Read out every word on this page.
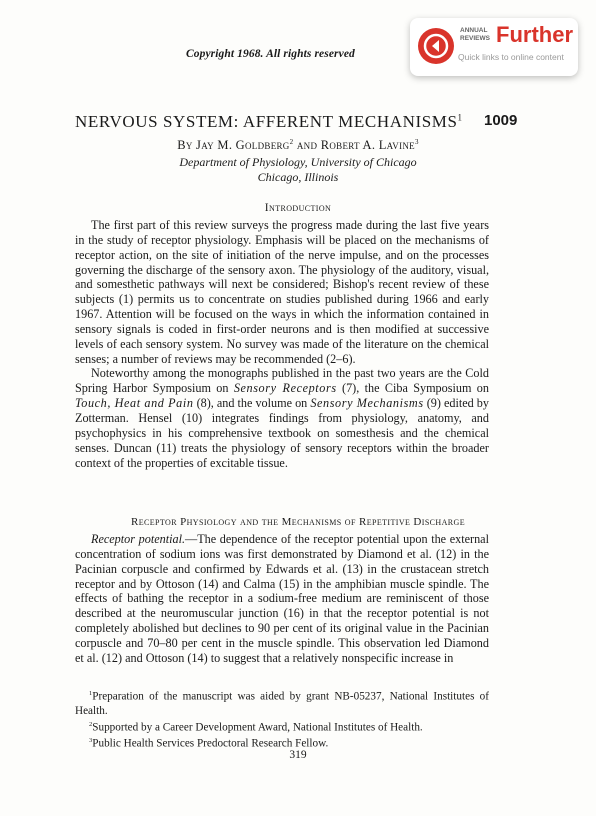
Copyright 1968. All rights reserved
ANNUAL
REVIEWS Further
Quick links to online content
NERVOUS SYSTEM: AFFERENT MECHANISMS$^1$ 1009
By Jay M. Goldberg$^2$ and Robert A. Lavine$^3$
Department of Physiology, University of Chicago
Chicago, Illinois
Introduction

The first part of this review surveys the progress made during the last five years in the study of receptor physiology. Emphasis will be placed on the mechanisms of receptor action, on the site of initiation of the nerve impulse, and on the processes governing the discharge of the sensory axon. The physiology of the auditory, visual, and somesthetic pathways will next be considered; Bishop's recent review of these subjects (1) permits us to concentrate on studies published during 1966 and early 1967. Attention will be focused on the ways in which the information contained in sensory signals is coded in first-order neurons and is then modified at successive levels of each sensory system. No survey was made of the literature on the chemical senses; a number of reviews may be recommended (2–6).

Noteworthy among the monographs published in the past two years are the Cold Spring Harbor Symposium on Sensory Receptors (7), the Ciba Symposium on Touch, Heat and Pain (8), and the volume on Sensory Mechanisms (9) edited by Zotterman. Hensel (10) integrates findings from physiology, anatomy, and psychophysics in his comprehensive textbook on somesthesis and the chemical senses. Duncan (11) treats the physiology of sensory receptors within the broader context of the properties of excitable tissue.

Receptor Physiology and the Mechanisms of Repetitive Discharge

Receptor potential.—The dependence of the receptor potential upon the external concentration of sodium ions was first demonstrated by Diamond et al. (12) in the Pacinian corpuscle and confirmed by Edwards et al. (13) in the crustacean stretch receptor and by Ottoson (14) and Calma (15) in the amphibian muscle spindle. The effects of bathing the receptor in a sodium-free medium are reminiscent of those described at the neuromuscular junction (16) in that the receptor potential is not completely abolished but declines to 90 per cent of its original value in the Pacinian corpuscle and 70–80 per cent in the muscle spindle. This observation led Diamond et al. (12) and Ottoson (14) to suggest that a relatively nonspecific increase in

$^1$Preparation of the manuscript was aided by grant NB-05237, National Institutes of Health.

$^2$Supported by a Career Development Award, National Institutes of Health.

$^3$Public Health Services Predoctoral Research Fellow.

319
